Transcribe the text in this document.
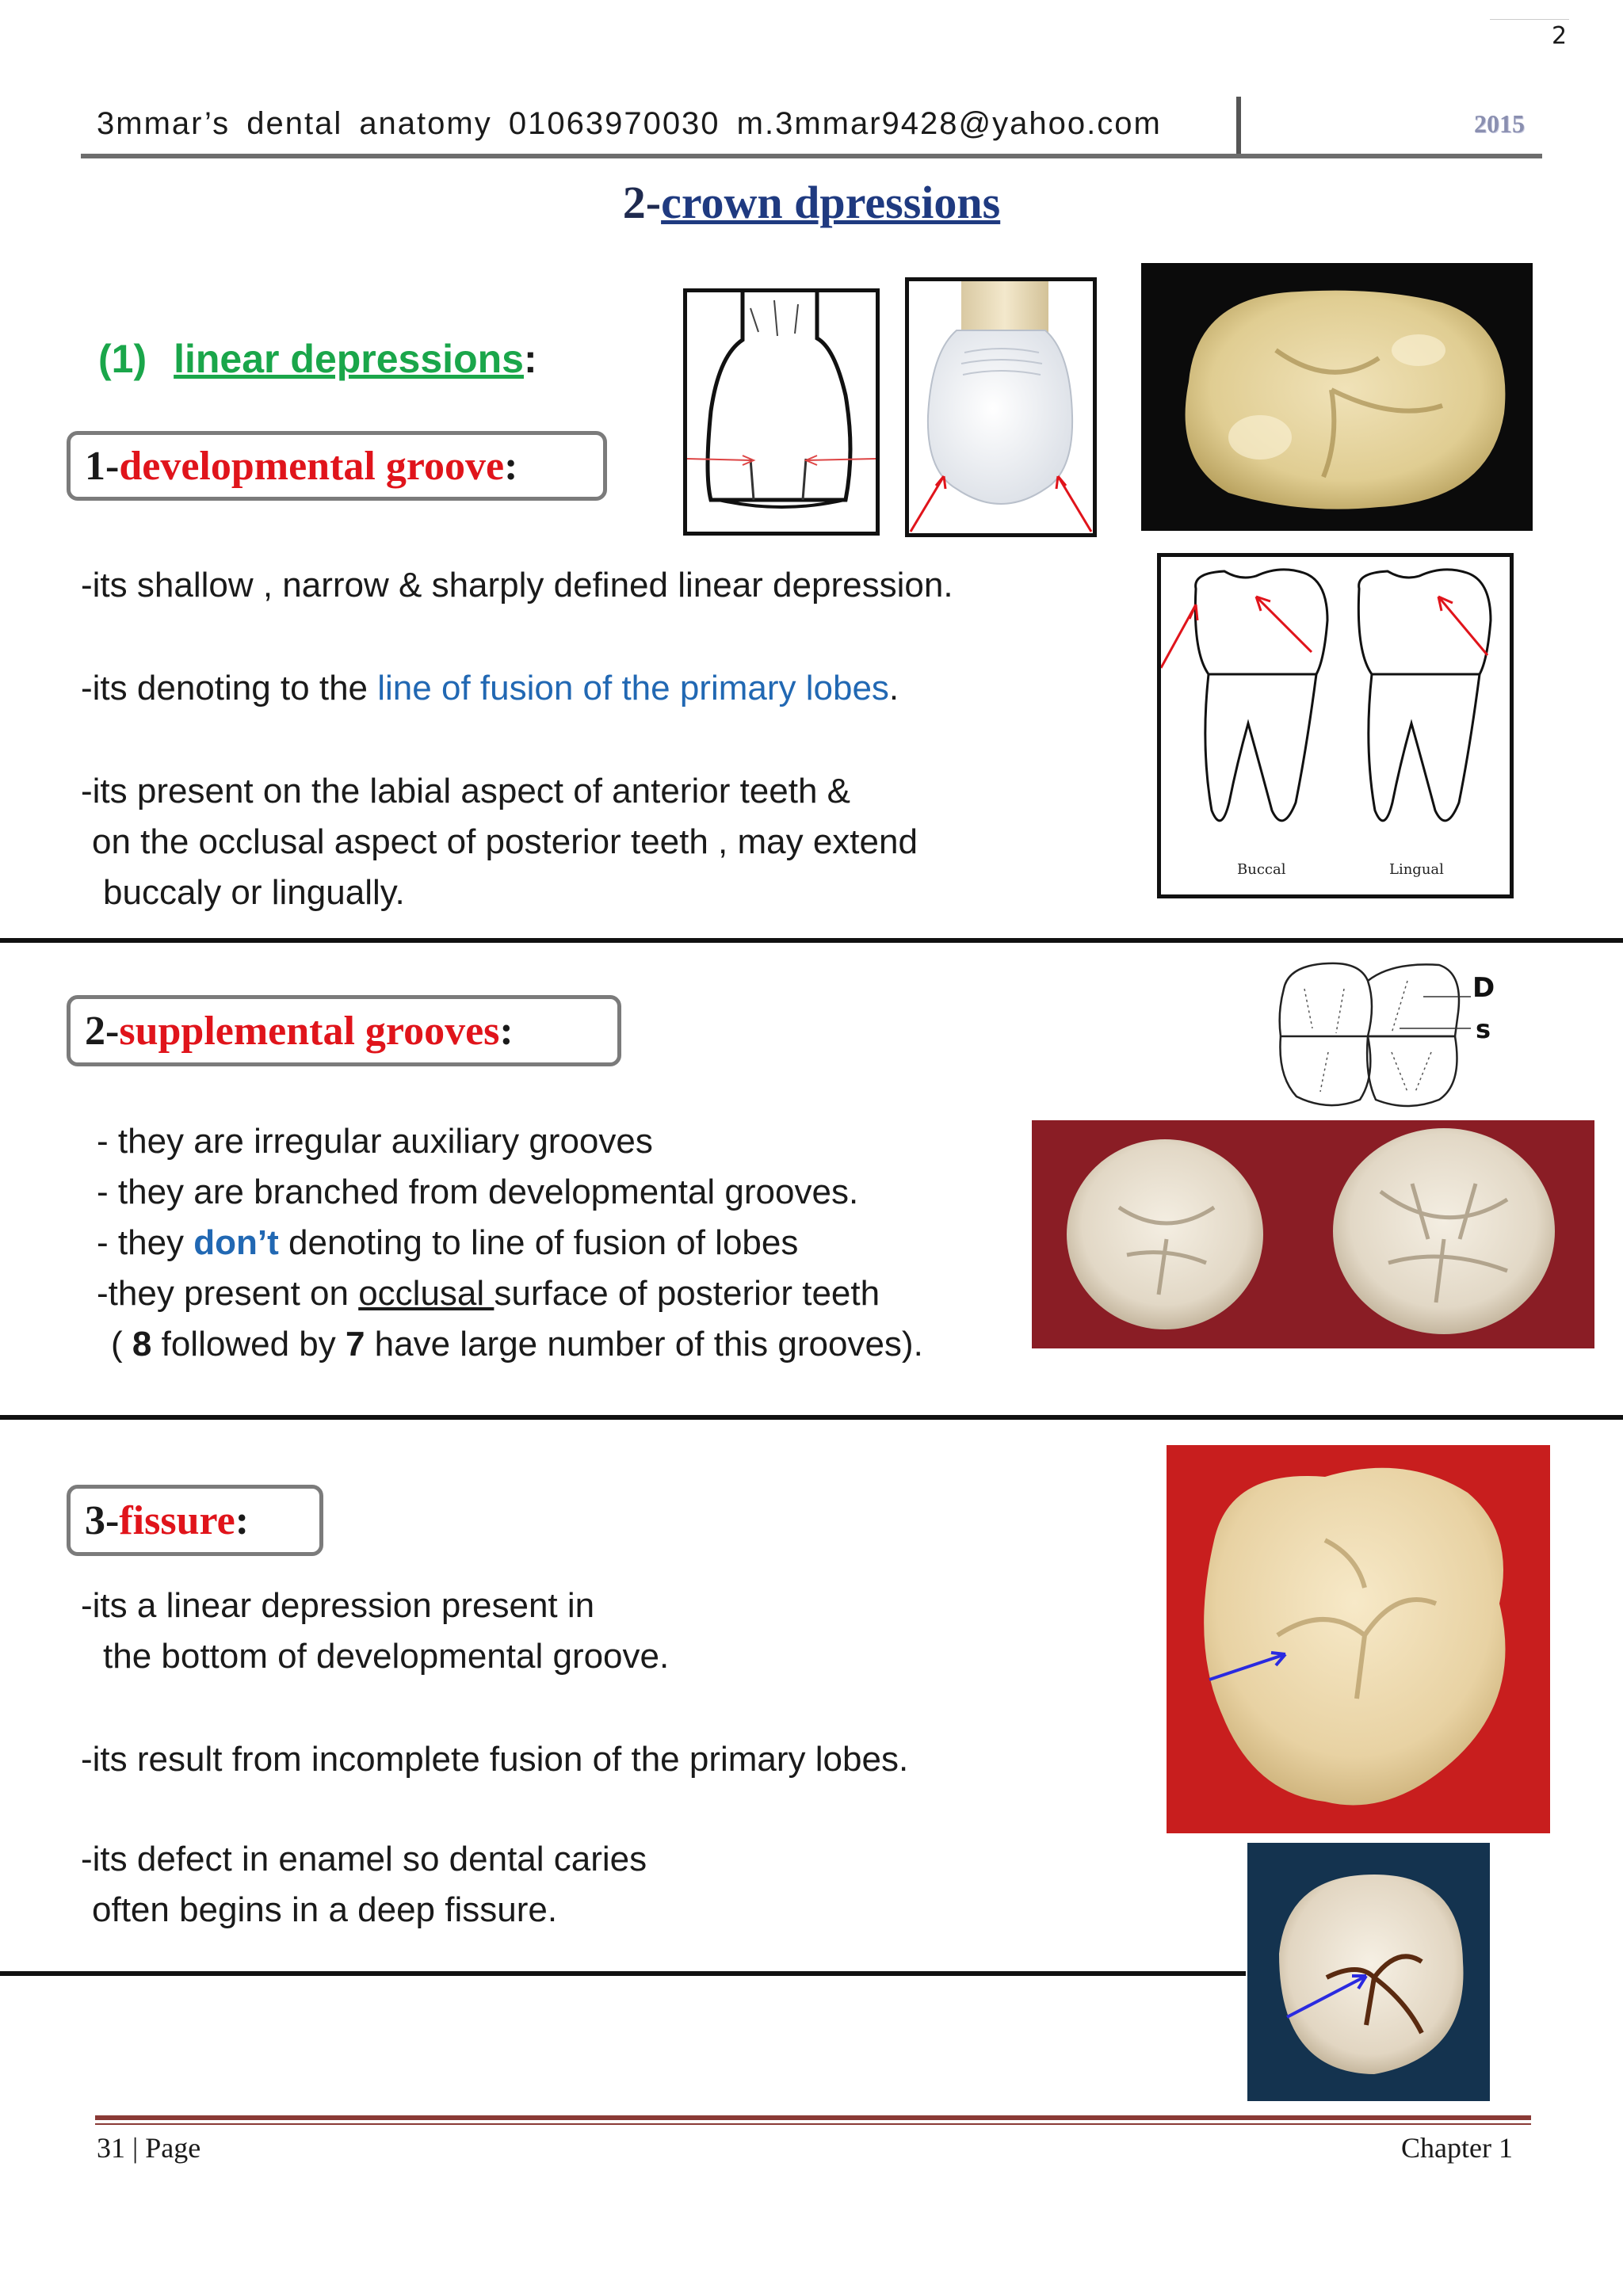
2
3mmar’s dental anatomy 01063970030 m.3mmar9428@yahoo.com	2015
2-crown dpressions
(1) linear depressions:
1- developmental groove :
Buccal	Lingual
-its shallow , narrow & sharply defined linear depression.
-its denoting to the line of fusion of the primary lobes.
-its present on the labial aspect of anterior teeth &
on the occlusal aspect of posterior teeth , may extend
buccaly or lingually.
2- supplemental grooves :
D
s
- they are irregular auxiliary grooves
- they are branched from developmental grooves.
- they don’t denoting to line of fusion of lobes
-they present on occlusal surface of posterior teeth
( 8 followed by 7 have large number of this grooves).
3- fissure :
-its a linear depression present in
the bottom of developmental groove.
-its result from incomplete fusion of the primary lobes.
-its defect in enamel so dental caries
often begins in a deep fissure.
31 | Page	Chapter 1
